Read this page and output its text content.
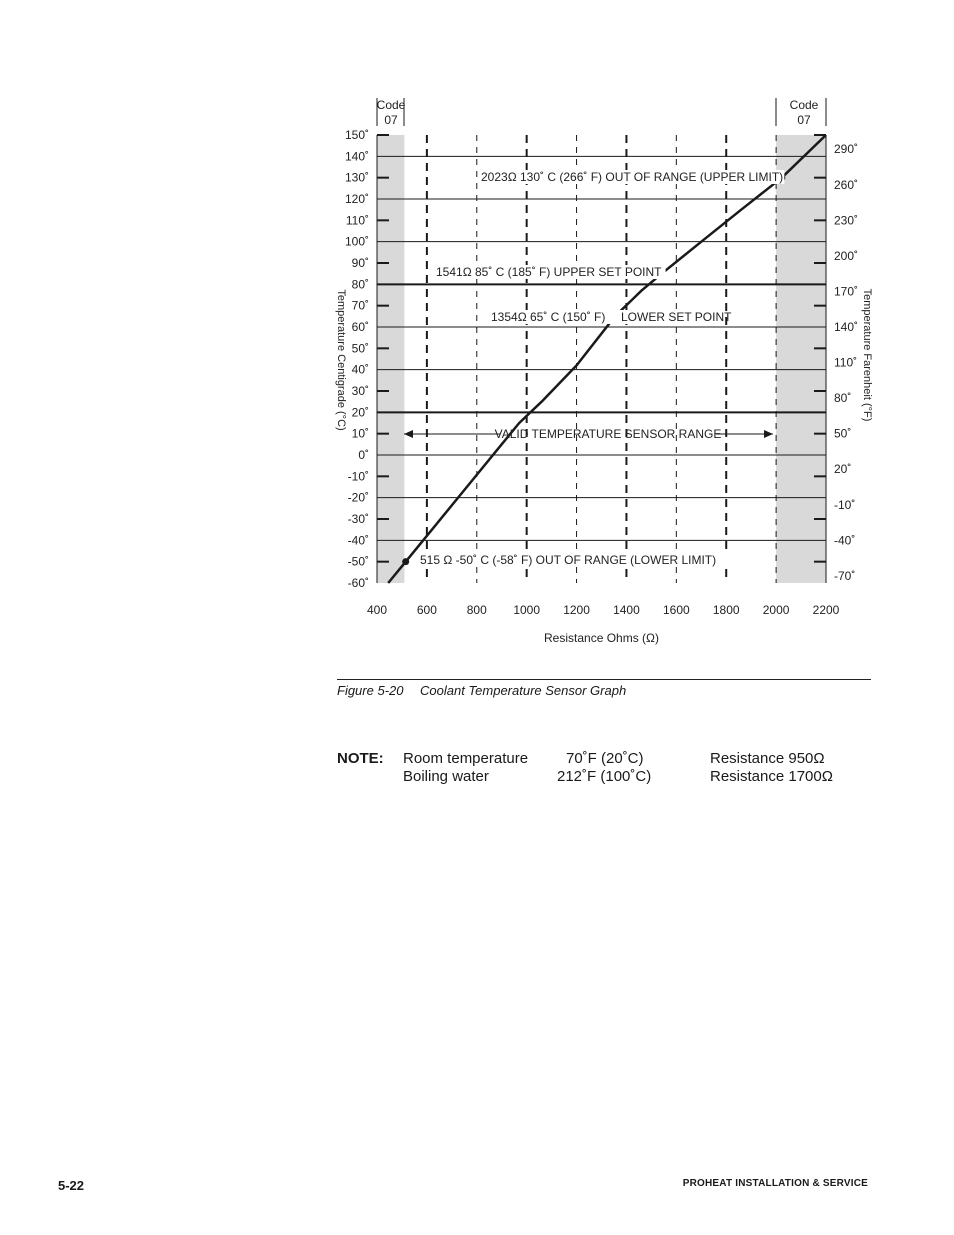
150˚
140˚
130˚
120˚
110˚
100˚
90˚
80˚
70˚
60˚
50˚
40˚
30˚
20˚
10˚
0˚
-10˚
-20˚
-30˚
-40˚
-50˚
-60˚
290˚
260˚
230˚
200˚
170˚
140˚
110˚
80˚
50˚
20˚
-10˚
-40˚
-70˚
400 600 800 1000 1200 1400 1600 1800 2000 2200
Resistance Ohms (Ω)
Temperature Centigrade (°C)	Temperature Farenheit (°F)
Code
07
Code
07
2023Ω 130˚ C (266˚ F) OUT OF RANGE (UPPER LIMIT)
1541Ω 85˚ C (185˚ F) UPPER SET POINT
1354Ω 65˚ C (150˚ F)
515 Ω -50˚ C (-58˚ F) OUT OF RANGE (LOWER LIMIT)
LOWER SET POINT
VALID TEMPERATURE SENSOR RANGE
Figure 5-20 Coolant Temperature Sensor Graph
NOTE: Room temperature	70˚F (20˚C)	Resistance 950Ω
Boiling water	212˚F (100˚C)	Resistance 1700Ω
5-22	PROHEAT INSTALLATION & SERVICE
